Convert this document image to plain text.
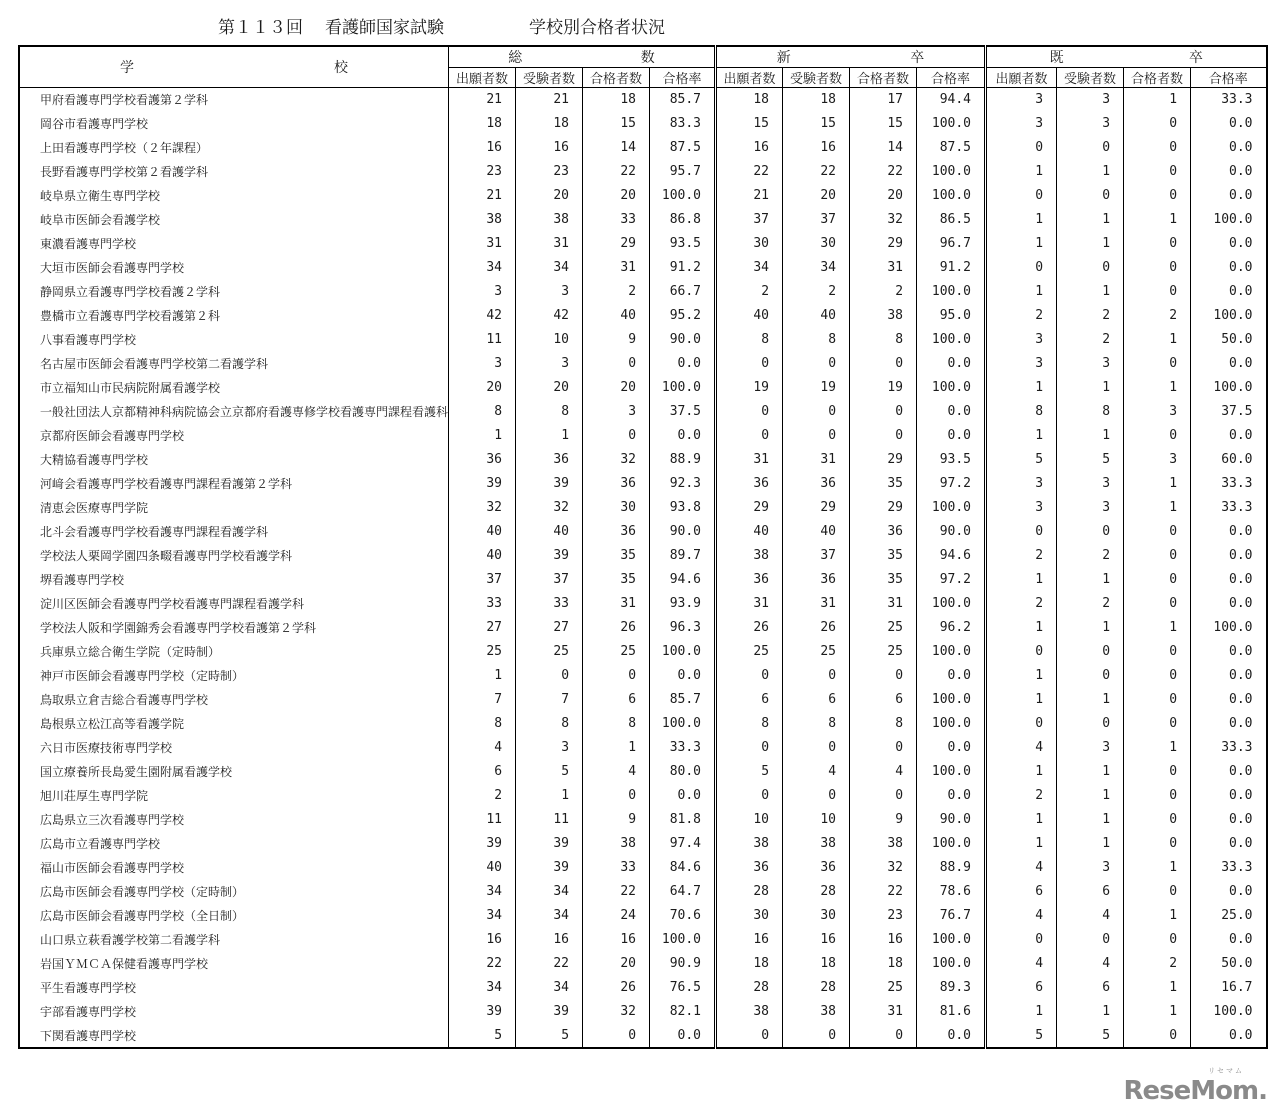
第１１３回 看護師国家試験	学校別合格者状況
学 校	総 数				新 卒				既 卒			

	出願者数	受験者数	合格者数	合格率	出願者数	受験者数	合格者数	合格率	出願者数	受験者数	合格者数	合格率
甲府看護専門学校看護第２学科	21	21	18	85.7	18	18	17	94.4	3	3	1	33.3
岡谷市看護専門学校	18	18	15	83.3	15	15	15	100.0	3	3	0	0.0
上田看護専門学校（２年課程）	16	16	14	87.5	16	16	14	87.5	0	0	0	0.0
長野看護専門学校第２看護学科	23	23	22	95.7	22	22	22	100.0	1	1	0	0.0
岐阜県立衛生専門学校	21	20	20	100.0	21	20	20	100.0	0	0	0	0.0
岐阜市医師会看護学校	38	38	33	86.8	37	37	32	86.5	1	1	1	100.0
東濃看護専門学校	31	31	29	93.5	30	30	29	96.7	1	1	0	0.0
大垣市医師会看護専門学校	34	34	31	91.2	34	34	31	91.2	0	0	0	0.0
静岡県立看護専門学校看護２学科	3	3	2	66.7	2	2	2	100.0	1	1	0	0.0
豊橋市立看護専門学校看護第２科	42	42	40	95.2	40	40	38	95.0	2	2	2	100.0
八事看護専門学校	11	10	9	90.0	8	8	8	100.0	3	2	1	50.0
名古屋市医師会看護専門学校第二看護学科	3	3	0	0.0	0	0	0	0.0	3	3	0	0.0
市立福知山市民病院附属看護学校	20	20	20	100.0	19	19	19	100.0	1	1	1	100.0
一般社団法人京都精神科病院協会立京都府看護専修学校看護専門課程看護科	8	8	3	37.5	0	0	0	0.0	8	8	3	37.5
京都府医師会看護専門学校	1	1	0	0.0	0	0	0	0.0	1	1	0	0.0
大精協看護専門学校	36	36	32	88.9	31	31	29	93.5	5	5	3	60.0
河﨑会看護専門学校看護専門課程看護第２学科	39	39	36	92.3	36	36	35	97.2	3	3	1	33.3
清恵会医療専門学院	32	32	30	93.8	29	29	29	100.0	3	3	1	33.3
北斗会看護専門学校看護専門課程看護学科	40	40	36	90.0	40	40	36	90.0	0	0	0	0.0
学校法人栗岡学園四条畷看護専門学校看護学科	40	39	35	89.7	38	37	35	94.6	2	2	0	0.0
堺看護専門学校	37	37	35	94.6	36	36	35	97.2	1	1	0	0.0
淀川区医師会看護専門学校看護専門課程看護学科	33	33	31	93.9	31	31	31	100.0	2	2	0	0.0
学校法人阪和学園錦秀会看護専門学校看護第２学科	27	27	26	96.3	26	26	25	96.2	1	1	1	100.0
兵庫県立総合衛生学院（定時制）	25	25	25	100.0	25	25	25	100.0	0	0	0	0.0
神戸市医師会看護専門学校（定時制）	1	0	0	0.0	0	0	0	0.0	1	0	0	0.0
鳥取県立倉吉総合看護専門学校	7	7	6	85.7	6	6	6	100.0	1	1	0	0.0
島根県立松江高等看護学院	8	8	8	100.0	8	8	8	100.0	0	0	0	0.0
六日市医療技術専門学校	4	3	1	33.3	0	0	0	0.0	4	3	1	33.3
国立療養所長島愛生園附属看護学校	6	5	4	80.0	5	4	4	100.0	1	1	0	0.0
旭川荘厚生専門学院	2	1	0	0.0	0	0	0	0.0	2	1	0	0.0
広島県立三次看護専門学校	11	11	9	81.8	10	10	9	90.0	1	1	0	0.0
広島市立看護専門学校	39	39	38	97.4	38	38	38	100.0	1	1	0	0.0
福山市医師会看護専門学校	40	39	33	84.6	36	36	32	88.9	4	3	1	33.3
広島市医師会看護専門学校（定時制）	34	34	22	64.7	28	28	22	78.6	6	6	0	0.0
広島市医師会看護専門学校（全日制）	34	34	24	70.6	30	30	23	76.7	4	4	1	25.0
山口県立萩看護学校第二看護学科	16	16	16	100.0	16	16	16	100.0	0	0	0	0.0
岩国ＹＭＣＡ保健看護専門学校	22	22	20	90.9	18	18	18	100.0	4	4	2	50.0
平生看護専門学校	34	34	26	76.5	28	28	25	89.3	6	6	1	16.7
宇部看護専門学校	39	39	32	82.1	38	38	31	81.6	1	1	1	100.0
下関看護専門学校	5	5	0	0.0	0	0	0	0.0	5	5	0	0.0
リセマム
ReseMom.
